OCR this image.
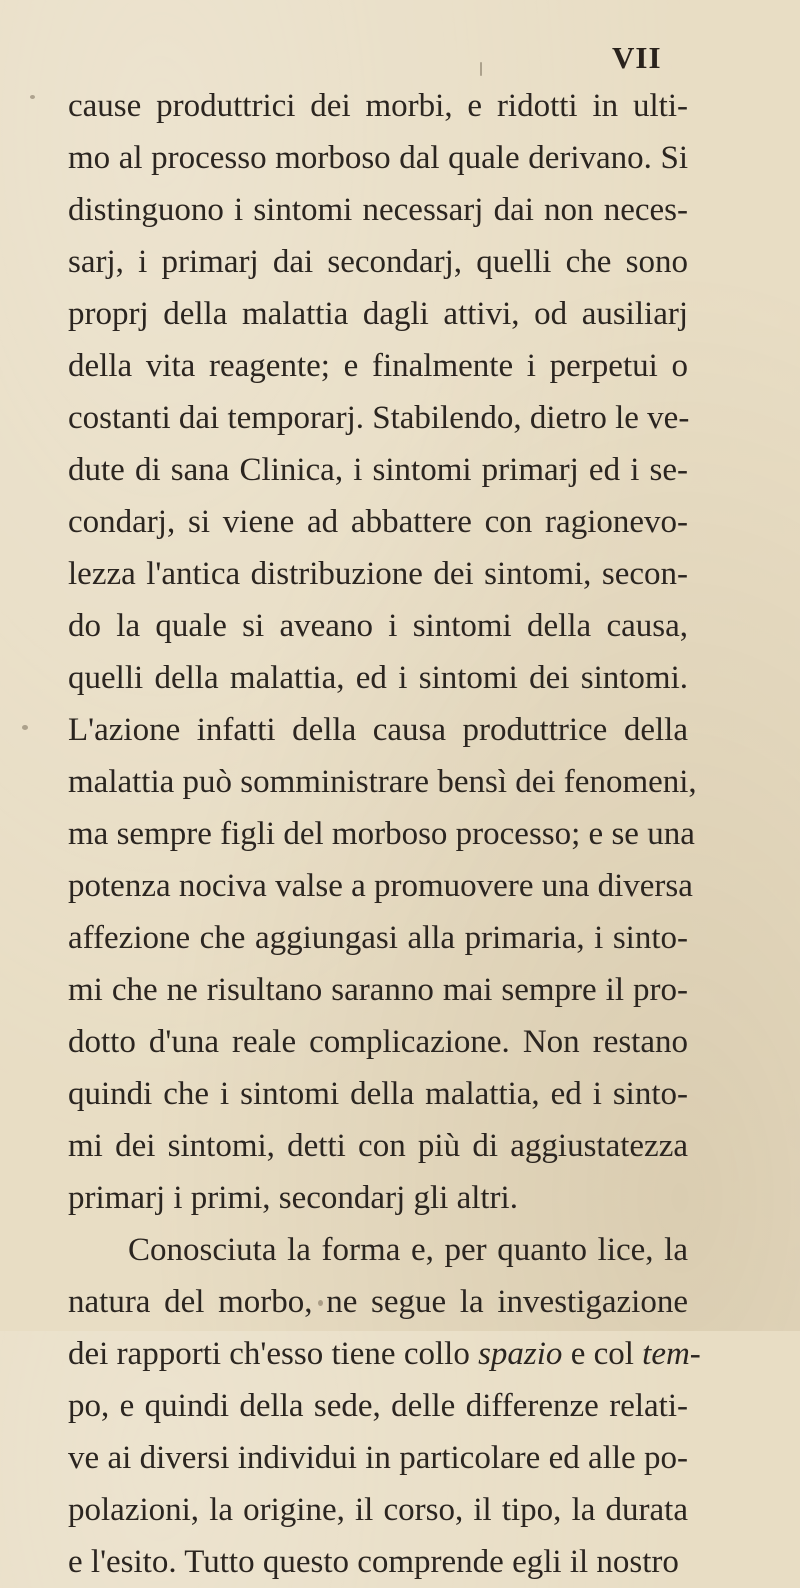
VII
cause produttrici dei morbi, e ridotti in ulti-
mo al processo morboso dal quale derivano. Si
distinguono i sintomi necessarj dai non neces-
sarj, i primarj dai secondarj, quelli che sono
proprj della malattia dagli attivi, od ausiliarj
della vita reagente; e finalmente i perpetui o
costanti dai temporarj. Stabilendo, dietro le ve-
dute di sana Clinica, i sintomi primarj ed i se-
condarj, si viene ad abbattere con ragionevo-
lezza l'antica distribuzione dei sintomi, secon-
do la quale si aveano i sintomi della causa,
quelli della malattia, ed i sintomi dei sintomi.
L'azione infatti della causa produttrice della
malattia può somministrare bensì dei fenomeni,
ma sempre figli del morboso processo; e se una
potenza nociva valse a promuovere una diversa
affezione che aggiungasi alla primaria, i sinto-
mi che ne risultano saranno mai sempre il pro-
dotto d'una reale complicazione. Non restano
quindi che i sintomi della malattia, ed i sinto-
mi dei sintomi, detti con più di aggiustatezza
primarj i primi, secondarj gli altri.
Conosciuta la forma e, per quanto lice, la
natura del morbo, ne segue la investigazione
dei rapporti ch'esso tiene collo spazio e col tem-
po, e quindi della sede, delle differenze relati-
ve ai diversi individui in particolare ed alle po-
polazioni, la origine, il corso, il tipo, la durata
e l'esito. Tutto questo comprende egli il nostro
